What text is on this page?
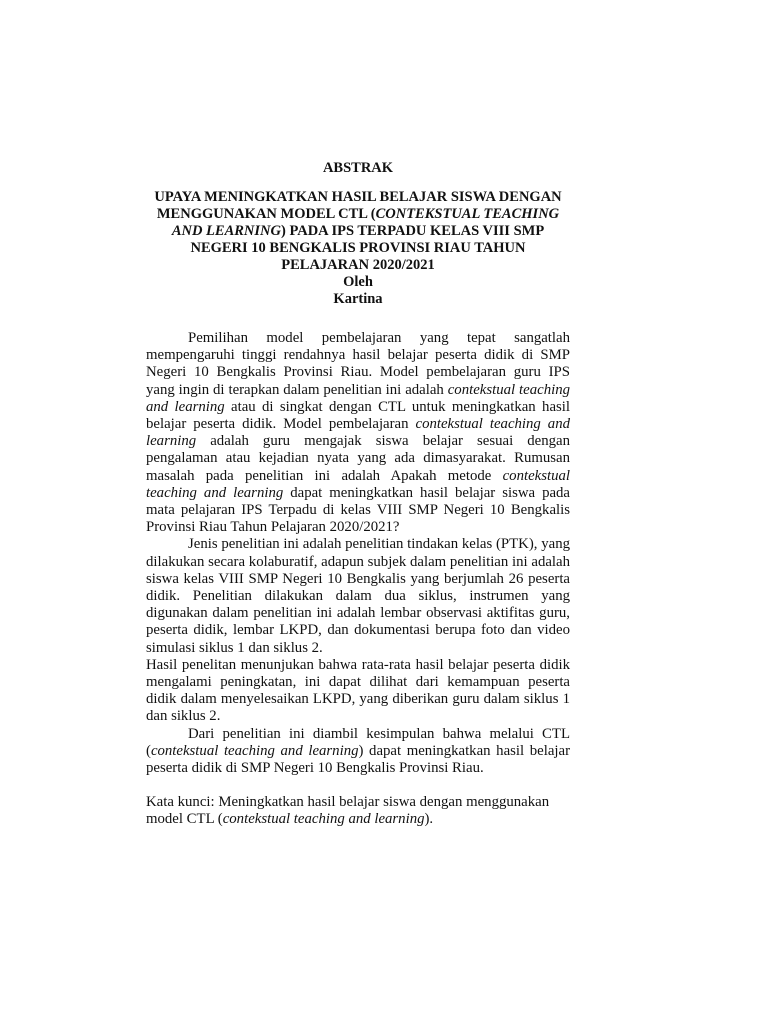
ABSTRAK
UPAYA MENINGKATKAN HASIL BELAJAR SISWA DENGAN MENGGUNAKAN MODEL CTL (CONTEKSTUAL TEACHING AND LEARNING) PADA IPS TERPADU KELAS VIII SMP NEGERI 10 BENGKALIS PROVINSI RIAU TAHUN PELAJARAN 2020/2021
Oleh
Kartina

Pemilihan model pembelajaran yang tepat sangatlah mempengaruhi tinggi rendahnya hasil belajar peserta didik di SMP Negeri 10 Bengkalis Provinsi Riau. Model pembelajaran guru IPS yang ingin di terapkan dalam penelitian ini adalah contekstual teaching and learning atau di singkat dengan CTL untuk meningkatkan hasil belajar peserta didik. Model pembelajaran contekstual teaching and learning adalah guru mengajak siswa belajar sesuai dengan pengalaman atau kejadian nyata yang ada dimasyarakat. Rumusan masalah pada penelitian ini adalah Apakah metode contekstual teaching and learning dapat meningkatkan hasil belajar siswa pada mata pelajaran IPS Terpadu di kelas VIII SMP Negeri 10 Bengkalis Provinsi Riau Tahun Pelajaran 2020/2021?

Jenis penelitian ini adalah penelitian tindakan kelas (PTK), yang dilakukan secara kolaburatif, adapun subjek dalam penelitian ini adalah siswa kelas VIII SMP Negeri 10 Bengkalis yang berjumlah 26 peserta didik. Penelitian dilakukan dalam dua siklus, instrumen yang digunakan dalam penelitian ini adalah lembar observasi aktifitas guru, peserta didik, lembar LKPD, dan dokumentasi berupa foto dan video simulasi siklus 1 dan siklus 2.

Hasil penelitan menunjukan bahwa rata-rata hasil belajar peserta didik mengalami peningkatan, ini dapat dilihat dari kemampuan peserta didik dalam menyelesaikan LKPD, yang diberikan guru dalam siklus 1 dan siklus 2.

Dari penelitian ini diambil kesimpulan bahwa melalui CTL (contekstual teaching and learning) dapat meningkatkan hasil belajar peserta didik di SMP Negeri 10 Bengkalis Provinsi Riau.

Kata kunci: Meningkatkan hasil belajar siswa dengan menggunakan model CTL (contekstual teaching and learning).
